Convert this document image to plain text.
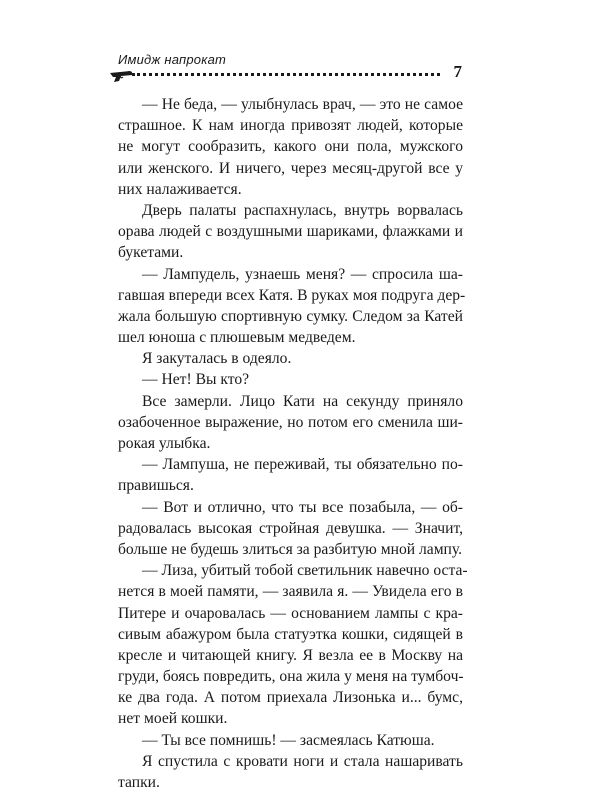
Имидж напрокат
7
— Не беда, — улыбнулась врач, — это не самое
страшное. К нам иногда привозят людей, которые
не могут сообразить, какого они пола, мужского
или женского. И ничего, через месяц-другой все у
них налаживается.
Дверь палаты распахнулась, внутрь ворвалась
орава людей с воздушными шариками, флажками и
букетами.
— Лампудель, узнаешь меня? — спросила ша-
гавшая впереди всех Катя. В руках моя подруга дер-
жала большую спортивную сумку. Следом за Катей
шел юноша с плюшевым медведем.
Я закуталась в одеяло.
— Нет! Вы кто?
Все замерли. Лицо Кати на секунду приняло
озабоченное выражение, но потом его сменила ши-
рокая улыбка.
— Лампуша, не переживай, ты обязательно по-
правишься.
— Вот и отлично, что ты все позабыла, — об-
радовалась высокая стройная девушка. — Значит,
больше не будешь злиться за разбитую мной лампу.
— Лиза, убитый тобой светильник навечно оста-
нется в моей памяти, — заявила я. — Увидела его в
Питере и очаровалась — основанием лампы с кра-
сивым абажуром была статуэтка кошки, сидящей в
кресле и читающей книгу. Я везла ее в Москву на
груди, боясь повредить, она жила у меня на тумбоч-
ке два года. А потом приехала Лизонька и... бумс,
нет моей кошки.
— Ты все помнишь! — засмеялась Катюша.
Я спустила с кровати ноги и стала нашаривать
тапки.
